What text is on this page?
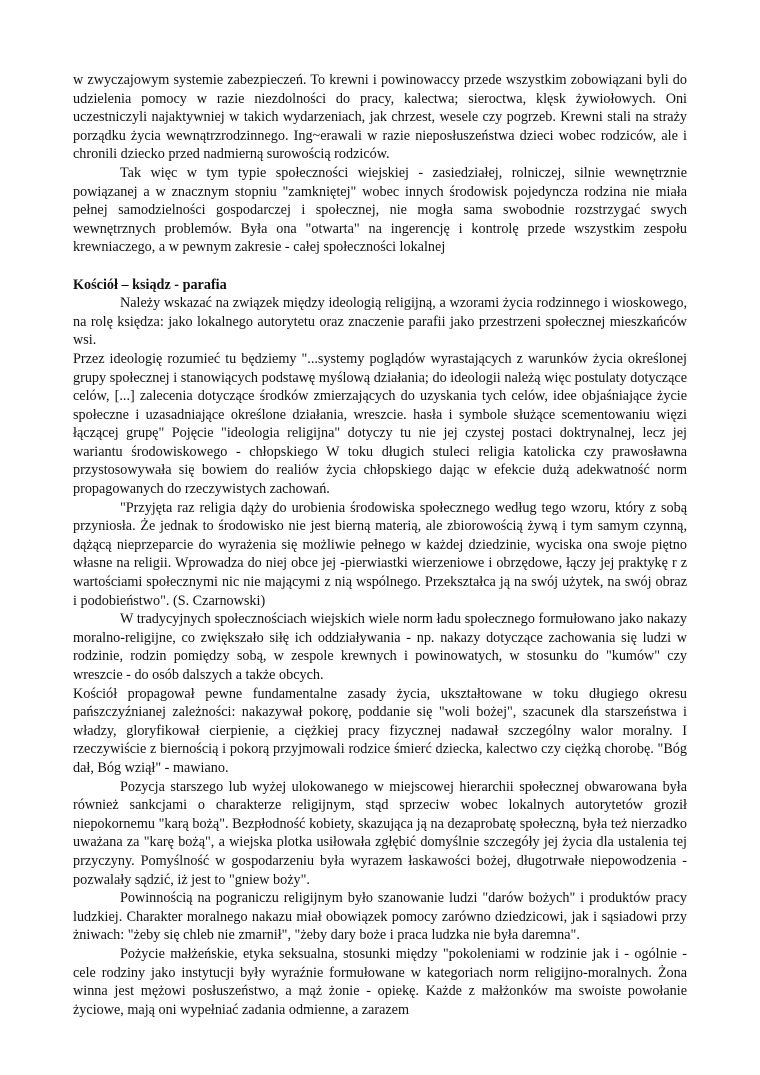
w zwyczajowym systemie zabezpieczeń. To krewni i powinowaccy przede wszystkim zobowiązani byli do udzielenia pomocy w razie niezdolności do pracy, kalectwa; sieroctwa, klęsk żywiołowych. Oni uczestniczyli najaktywniej w takich wydarzeniach, jak chrzest, wesele czy pogrzeb. Krewni stali na straży porządku życia wewnątrzrodzinnego. Ing~erawali w razie nieposłuszeństwa dzieci wobec rodziców, ale i chronili dziecko przed nadmierną surowością rodziców.

Tak więc w tym typie społeczności wiejskiej - zasiedziałej, rolniczej, silnie wewnętrznie powiązanej a w znacznym stopniu "zamkniętej" wobec innych środowisk pojedyncza rodzina nie miała pełnej samodzielności gospodarczej i społecznej, nie mogła sama swobodnie rozstrzygać swych wewnętrznych problemów. Była ona "otwarta" na ingerencję i kontrolę przede wszystkim zespołu krewniaczego, a w pewnym zakresie - całej społeczności lokalnej

Kościół – ksiądz - parafia

Należy wskazać na związek między ideologią religijną, a wzorami życia rodzinnego i wioskowego, na rolę księdza: jako lokalnego autorytetu oraz znaczenie parafii jako przestrzeni społecznej mieszkańców wsi.

Przez ideologię rozumieć tu będziemy "...systemy poglądów wyrastających z warunków życia określonej grupy społecznej i stanowiących podstawę myślową działania; do ideologii należą więc postulaty dotyczące celów, [...] zalecenia dotyczące środków zmierzających do uzyskania tych celów, idee objaśniające życie społeczne i uzasadniające określone działania, wreszcie. hasła i symbole służące scementowaniu więzi łączącej grupę" Pojęcie "ideologia religijna" dotyczy tu nie jej czystej postaci doktrynalnej, lecz jej wariantu środowiskowego - chłopskiego W toku długich stuleci religia katolicka czy prawosławna przystosowywała się bowiem do realiów życia chłopskiego dając w efekcie dużą adekwatność norm propagowanych do rzeczywistych zachowań.

"Przyjęta raz religia dąży do urobienia środowiska społecznego według tego wzoru, który z sobą przyniosła. Że jednak to środowisko nie jest bierną materią, ale zbiorowością żywą i tym samym czynną, dążącą nieprzeparcie do wyrażenia się możliwie pełnego w każdej dziedzinie, wyciska ona swoje piętno własne na religii. Wprowadza do niej obce jej -pierwiastki wierzeniowe i obrzędowe, łączy jej praktykę r z wartościami społecznymi nic nie mającymi z nią wspólnego. Przekształca ją na swój użytek, na swój obraz i podobieństwo". (S. Czarnowski)

W tradycyjnych społecznościach wiejskich wiele norm ładu społecznego formułowano jako nakazy moralno-religijne, co zwiększało siłę ich oddziaływania - np. nakazy dotyczące zachowania się ludzi w rodzinie, rodzin pomiędzy sobą, w zespole krewnych i powinowatych, w stosunku do "kumów" czy wreszcie - do osób dalszych a także obcych.

Kościół propagował pewne fundamentalne zasady życia, ukształtowane w toku długiego okresu pańszczyźnianej zależności: nakazywał pokorę, poddanie się "woli bożej", szacunek dla starszeństwa i władzy, gloryfikował cierpienie, a ciężkiej pracy fizycznej nadawał szczególny walor moralny. I rzeczywiście z biernością i pokorą przyjmowali rodzice śmierć dziecka, kalectwo czy ciężką chorobę. "Bóg dał, Bóg wziął" - mawiano.

Pozycja starszego lub wyżej ulokowanego w miejscowej hierarchii społecznej obwarowana była również sankcjami o charakterze religijnym, stąd sprzeciw wobec lokalnych autorytetów groził niepokornemu "karą bożą". Bezpłodność kobiety, skazująca ją na dezaprobatę społeczną, była też nierzadko uważana za "karę bożą", a wiejska plotka usiłowała zgłębić domyślnie szczegóły jej życia dla ustalenia tej przyczyny. Pomyślność w gospodarzeniu była wyrazem łaskawości bożej, długotrwałe niepowodzenia - pozwalały sądzić, iż jest to "gniew boży".

Powinnością na pograniczu religijnym było szanowanie ludzi "darów bożych" i produktów pracy ludzkiej. Charakter moralnego nakazu miał obowiązek pomocy zarówno dziedzicowi, jak i sąsiadowi przy żniwach: "żeby się chleb nie zmarnił", "żeby dary boże i praca ludzka nie była daremna".

Pożycie małżeńskie, etyka seksualna, stosunki między "pokoleniami w rodzinie jak i - ogólnie - cele rodziny jako instytucji były wyraźnie formułowane w kategoriach norm religijno-moralnych. Żona winna jest mężowi posłuszeństwo, a mąż żonie - opiekę. Każde z małżonków ma swoiste powołanie życiowe, mają oni wypełniać zadania odmienne, a zarazem
